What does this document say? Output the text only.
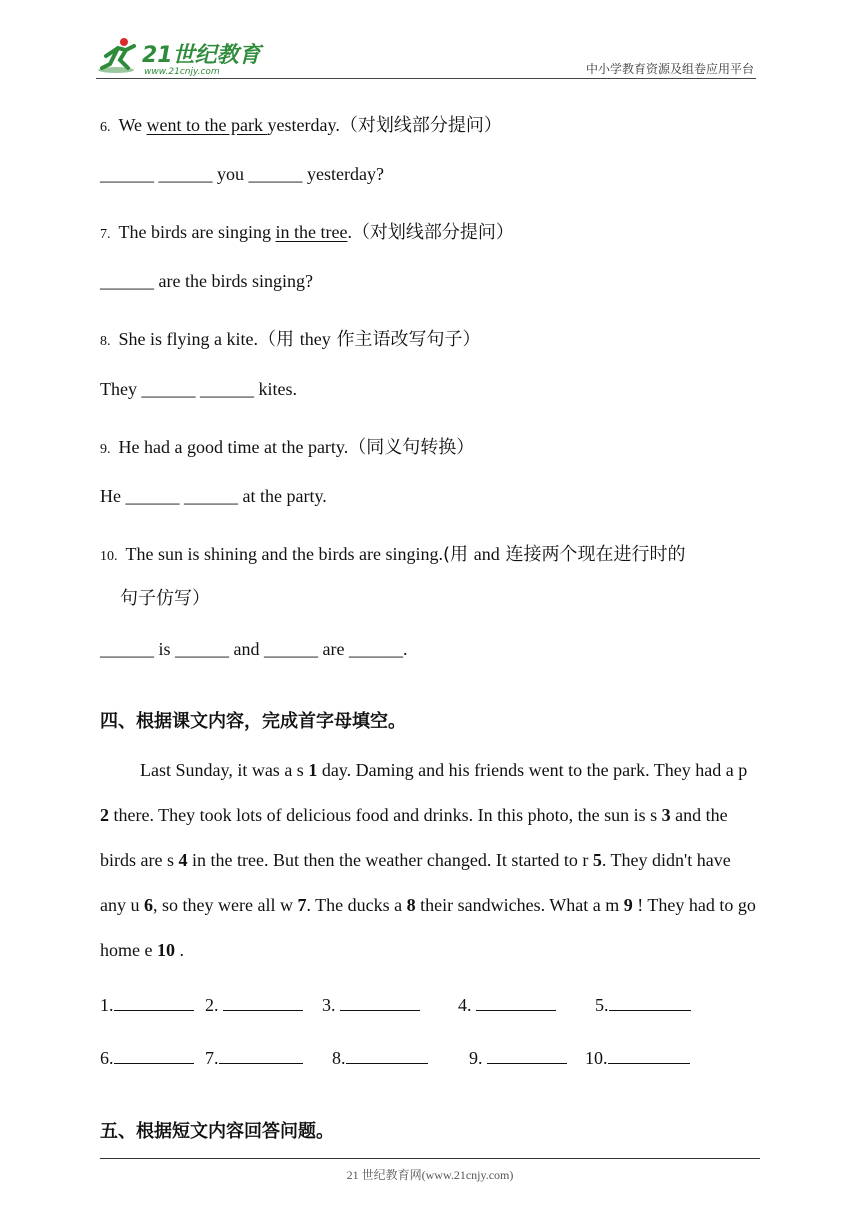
21世纪教育
www.21cnjy.com	中小学教育资源及组卷应用平台
6. We went to the park yesterday.（对划线部分提问）
______ ______ you ______ yesterday?
7. The birds are singing in the tree.（对划线部分提问）
______ are the birds singing?
8. She is flying a kite.（用 they 作主语改写句子）
They ______ ______ kites.
9. He had a good time at the party.（同义句转换）
He ______ ______ at the party.
10. The sun is shining and the birds are singing.(用 and 连接两个现在进行时的
句子仿写）
______ is ______ and ______ are ______.
四、根据课文内容，完成首字母填空。
Last Sunday, it was a s 1 day. Daming and his friends went to the park. They had a p 2 there. They took lots of delicious food and drinks. In this photo, the sun is s 3 and the birds are s 4 in the tree. But then the weather changed. It started to r 5. They didn't have any u 6, so they were all w 7. The ducks a 8 their sandwiches. What a m 9 ! They had to go home e 10 .
1.	2.	3.	4.	5.
6.	7.	8.	9.	10.
五、根据短文内容回答问题。
21 世纪教育网(www.21cnjy.com)
